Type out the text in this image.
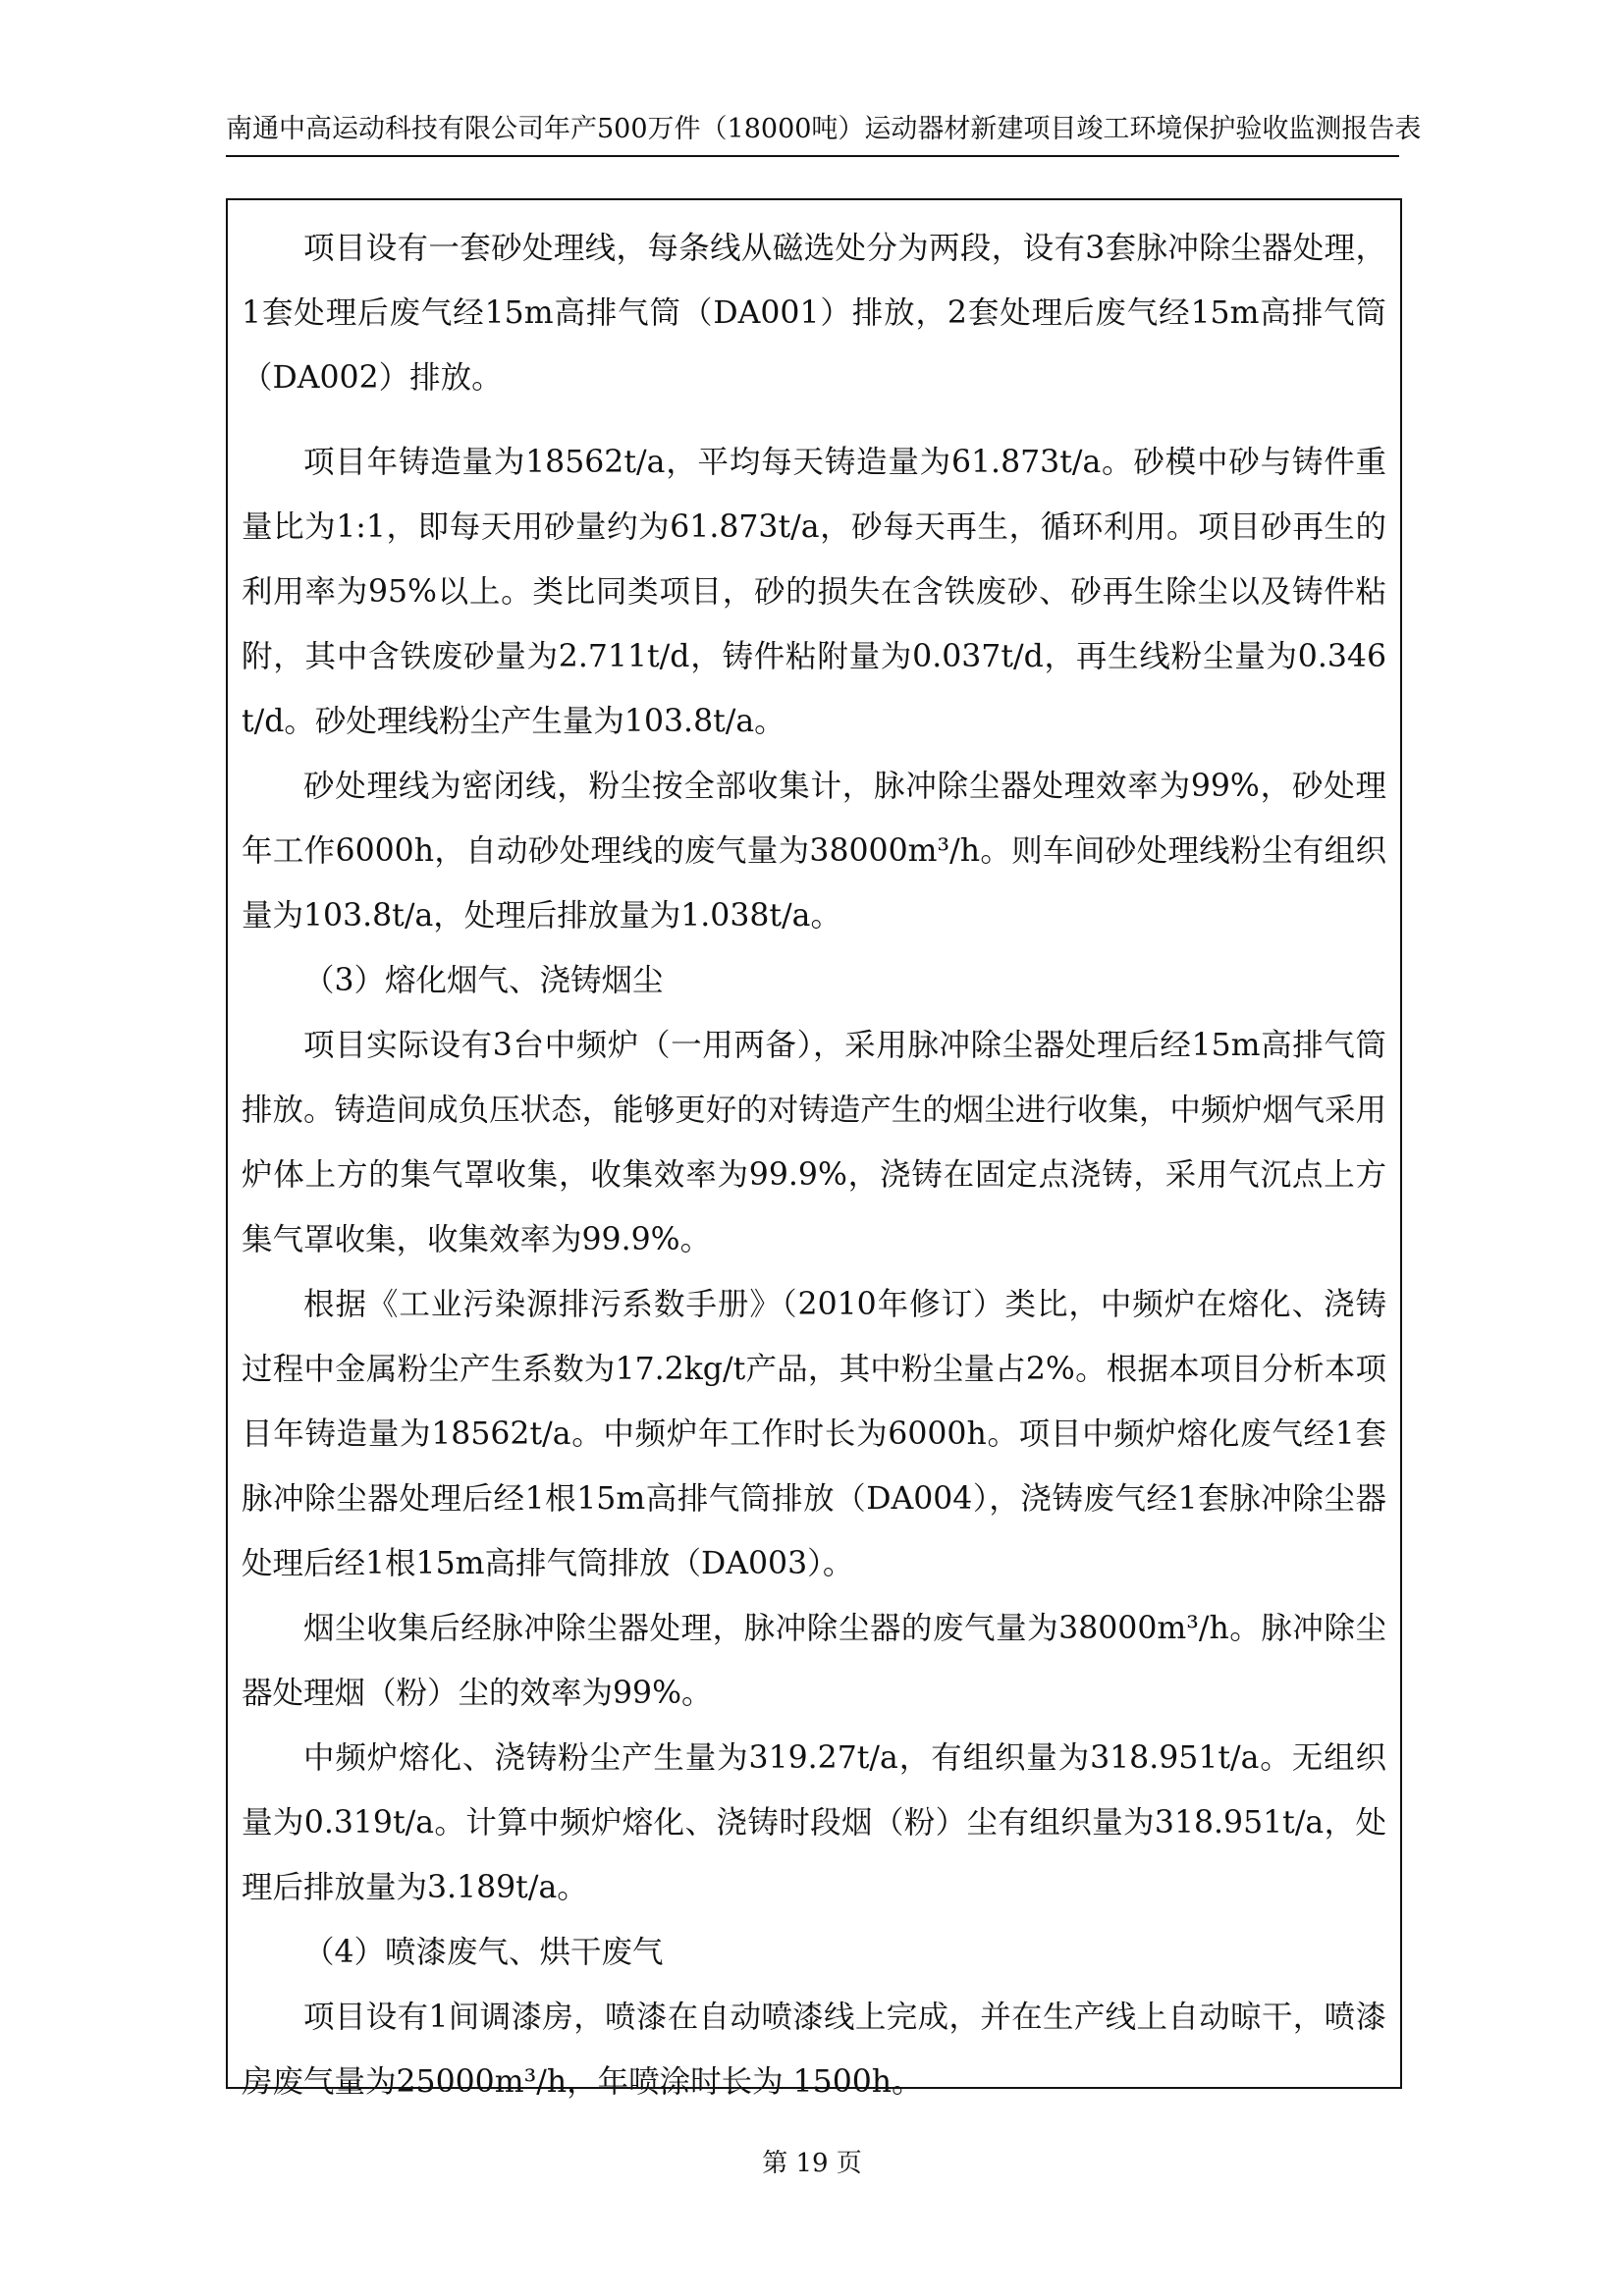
南通中高运动科技有限公司年产500万件（18000吨）运动器材新建项目竣工环境保护验收监测报告表

项目设有一套砂处理线，每条线从磁选处分为两段，设有3套脉冲除尘器处理，1套处理后废气经15m高排气筒（DA001）排放，2套处理后废气经15m高排气筒（DA002）排放。

项目年铸造量为18562t/a，平均每天铸造量为61.873t/a。砂模中砂与铸件重量比为1:1，即每天用砂量约为61.873t/a，砂每天再生，循环利用。项目砂再生的利用率为95%以上。类比同类项目，砂的损失在含铁废砂、砂再生除尘以及铸件粘附，其中含铁废砂量为2.711t/d，铸件粘附量为0.037t/d，再生线粉尘量为0.346t/d。砂处理线粉尘产生量为103.8t/a。

砂处理线为密闭线，粉尘按全部收集计，脉冲除尘器处理效率为99%，砂处理年工作6000h，自动砂处理线的废气量为38000m³/h。则车间砂处理线粉尘有组织量为103.8t/a，处理后排放量为1.038t/a。

（3）熔化烟气、浇铸烟尘

项目实际设有3台中频炉（一用两备），采用脉冲除尘器处理后经15m高排气筒排放。铸造间成负压状态，能够更好的对铸造产生的烟尘进行收集，中频炉烟气采用炉体上方的集气罩收集，收集效率为99.9%，浇铸在固定点浇铸，采用气沉点上方集气罩收集，收集效率为99.9%。

根据《工业污染源排污系数手册》（2010年修订）类比，中频炉在熔化、浇铸过程中金属粉尘产生系数为17.2kg/t产品，其中粉尘量占2%。根据本项目分析本项目年铸造量为18562t/a。中频炉年工作时长为6000h。项目中频炉熔化废气经1套脉冲除尘器处理后经1根15m高排气筒排放（DA004），浇铸废气经1套脉冲除尘器处理后经1根15m高排气筒排放（DA003）。

烟尘收集后经脉冲除尘器处理，脉冲除尘器的废气量为38000m³/h。脉冲除尘器处理烟（粉）尘的效率为99%。

中频炉熔化、浇铸粉尘产生量为319.27t/a，有组织量为318.951t/a。无组织量为0.319t/a。计算中频炉熔化、浇铸时段烟（粉）尘有组织量为318.951t/a，处理后排放量为3.189t/a。

（4）喷漆废气、烘干废气

项目设有1间调漆房，喷漆在自动喷漆线上完成，并在生产线上自动晾干，喷漆房废气量为25000m³/h，年喷涂时长为 1500h。

第 19 页
